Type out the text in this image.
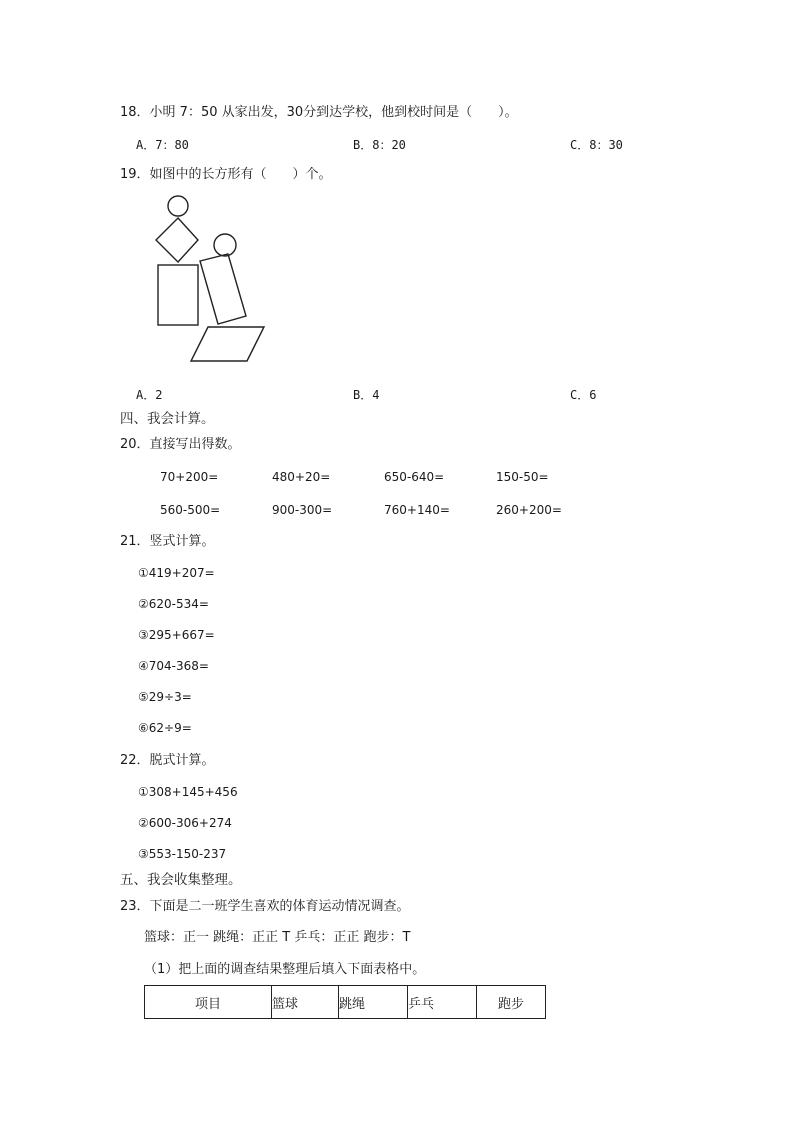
18．小明 7：50 从家出发，30分到达学校，他到校时间是（　　）。
A．7：80	B．8：20	C．8：30
19．如图中的长方形有（　　）个。
A．2	B．4	C．6
四、我会计算。
20．直接写出得数。
70+200=	480+20=	650-640=	150-50=
560-500=	900-300=	760+140=	260+200=
21．竖式计算。
①419+207=
②620-534=
③295+667=
④704-368=
⑤29÷3=
⑥62÷9=
22．脱式计算。
①308+145+456
②600-306+274
③553-150-237
五、我会收集整理。
23．下面是二一班学生喜欢的体育运动情况调查。
篮球：正一 跳绳：正正 T 乒乓：正正 跑步：T
（1）把上面的调查结果整理后填入下面表格中。
项目	篮球	跳绳	乒乓	跑步
